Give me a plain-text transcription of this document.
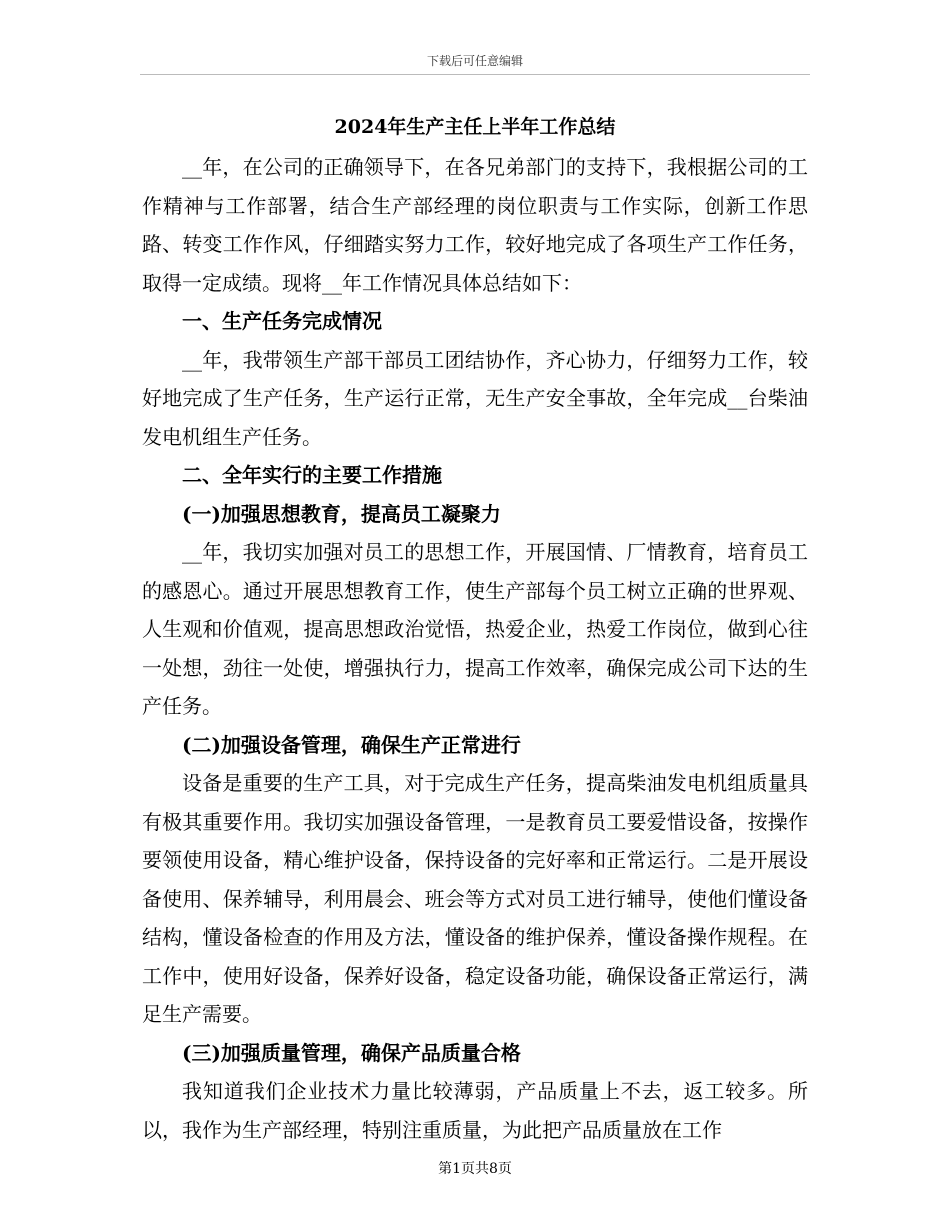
下载后可任意编辑
2024年生产主任上半年工作总结

__年，在公司的正确领导下，在各兄弟部门的支持下，我根据公司的工作精神与工作部署，结合生产部经理的岗位职责与工作实际，创新工作思路、转变工作作风，仔细踏实努力工作，较好地完成了各项生产工作任务，取得一定成绩。现将__年工作情况具体总结如下：

一、生产任务完成情况

__年，我带领生产部干部员工团结协作，齐心协力，仔细努力工作，较好地完成了生产任务，生产运行正常，无生产安全事故，全年完成__台柴油发电机组生产任务。

二、全年实行的主要工作措施

(一)加强思想教育，提高员工凝聚力

__年，我切实加强对员工的思想工作，开展国情、厂情教育，培育员工的感恩心。通过开展思想教育工作，使生产部每个员工树立正确的世界观、人生观和价值观，提高思想政治觉悟，热爱企业，热爱工作岗位，做到心往一处想，劲往一处使，增强执行力，提高工作效率，确保完成公司下达的生产任务。

(二)加强设备管理，确保生产正常进行

设备是重要的生产工具，对于完成生产任务，提高柴油发电机组质量具有极其重要作用。我切实加强设备管理，一是教育员工要爱惜设备，按操作要领使用设备，精心维护设备，保持设备的完好率和正常运行。二是开展设备使用、保养辅导，利用晨会、班会等方式对员工进行辅导，使他们懂设备结构，懂设备检查的作用及方法，懂设备的维护保养，懂设备操作规程。在工作中，使用好设备，保养好设备，稳定设备功能，确保设备正常运行，满足生产需要。

(三)加强质量管理，确保产品质量合格

我知道我们企业技术力量比较薄弱，产品质量上不去，返工较多。所以，我作为生产部经理，特别注重质量，为此把产品质量放在工作

第1页共8页
